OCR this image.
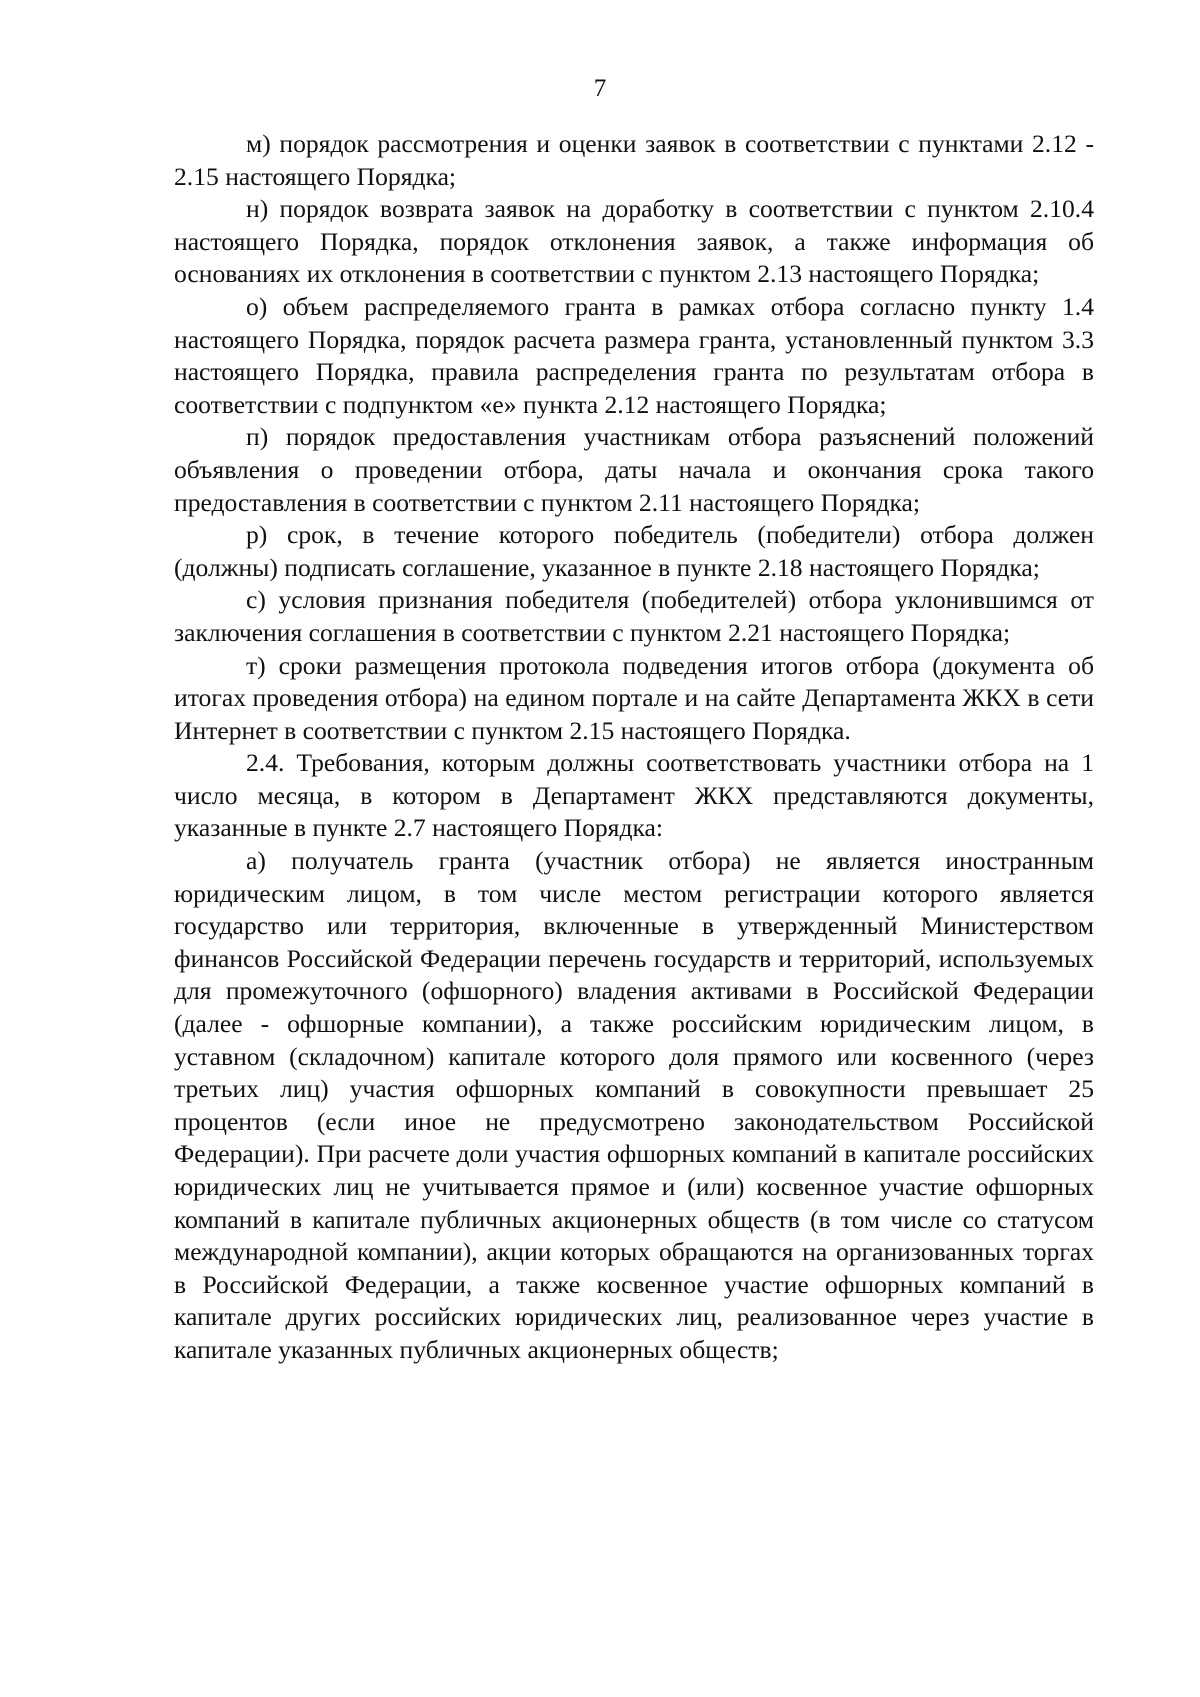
7

м) порядок рассмотрения и оценки заявок в соответствии с пунктами 2.12 - 2.15 настоящего Порядка;

н) порядок возврата заявок на доработку в соответствии с пунктом 2.10.4 настоящего Порядка, порядок отклонения заявок, а также информация об основаниях их отклонения в соответствии с пунктом 2.13 настоящего Порядка;

о) объем распределяемого гранта в рамках отбора согласно пункту 1.4 настоящего Порядка, порядок расчета размера гранта, установленный пунктом 3.3 настоящего Порядка, правила распределения гранта по результатам отбора в соответствии с подпунктом «е» пункта 2.12 настоящего Порядка;

п) порядок предоставления участникам отбора разъяснений положений объявления о проведении отбора, даты начала и окончания срока такого предоставления в соответствии с пунктом 2.11 настоящего Порядка;

р) срок, в течение которого победитель (победители) отбора должен (должны) подписать соглашение, указанное в пункте 2.18 настоящего Порядка;

с) условия признания победителя (победителей) отбора уклонившимся от заключения соглашения в соответствии с пунктом 2.21 настоящего Порядка;

т) сроки размещения протокола подведения итогов отбора (документа об итогах проведения отбора) на едином портале и на сайте Департамента ЖКХ в сети Интернет в соответствии с пунктом 2.15 настоящего Порядка.

2.4. Требования, которым должны соответствовать участники отбора на 1 число месяца, в котором в Департамент ЖКХ представляются документы, указанные в пункте 2.7 настоящего Порядка:

а) получатель гранта (участник отбора) не является иностранным юридическим лицом, в том числе местом регистрации которого является государство или территория, включенные в утвержденный Министерством финансов Российской Федерации перечень государств и территорий, используемых для промежуточного (офшорного) владения активами в Российской Федерации (далее - офшорные компании), а также российским юридическим лицом, в уставном (складочном) капитале которого доля прямого или косвенного (через третьих лиц) участия офшорных компаний в совокупности превышает 25 процентов (если иное не предусмотрено законодательством Российской Федерации). При расчете доли участия офшорных компаний в капитале российских юридических лиц не учитывается прямое и (или) косвенное участие офшорных компаний в капитале публичных акционерных обществ (в том числе со статусом международной компании), акции которых обращаются на организованных торгах в Российской Федерации, а также косвенное участие офшорных компаний в капитале других российских юридических лиц, реализованное через участие в капитале указанных публичных акционерных обществ;
